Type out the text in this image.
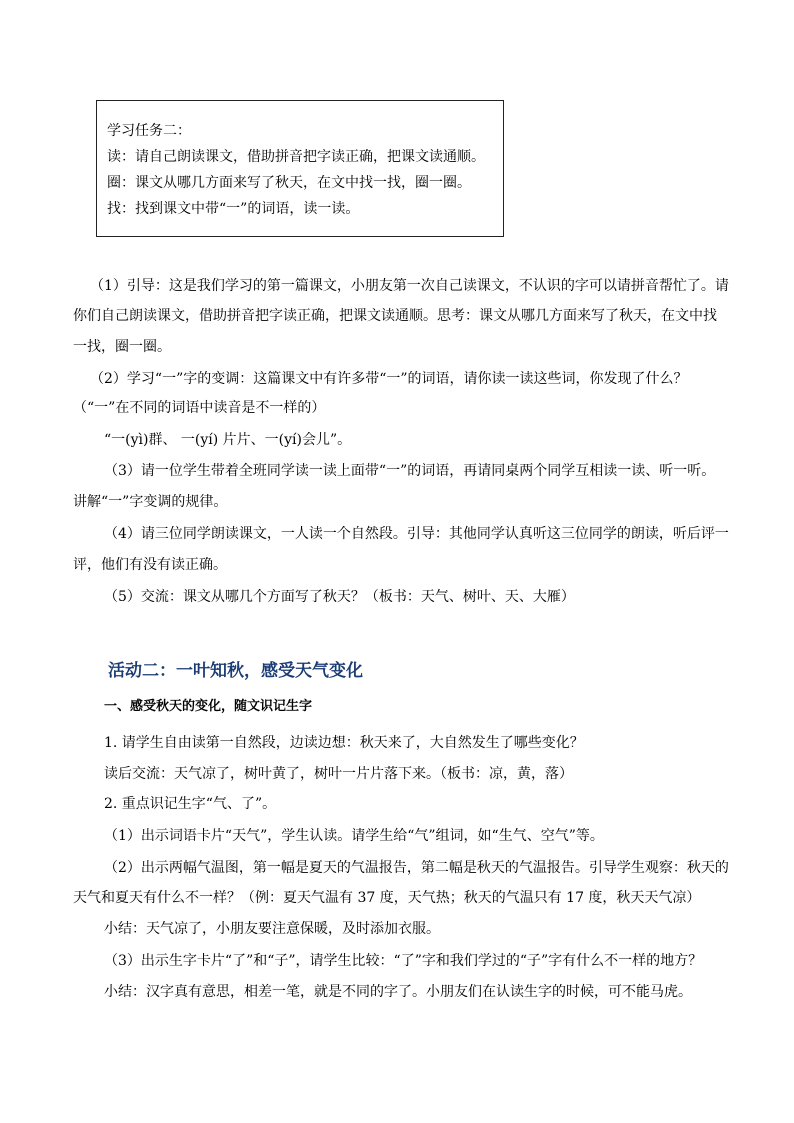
学习任务二：
读：请自己朗读课文，借助拼音把字读正确，把课文读通顺。
圈：课文从哪几方面来写了秋天，在文中找一找，圈一圈。
找：找到课文中带“一”的词语，读一读。
（1）引导：这是我们学习的第一篇课文，小朋友第一次自己读课文，不认识的字可以请拼音帮忙了。请
你们自己朗读课文，借助拼音把字读正确，把课文读通顺。思考：课文从哪几方面来写了秋天，在文中找
一找，圈一圈。
（2）学习“一”字的变调：这篇课文中有许多带“一”的词语，请你读一读这些词，你发现了什么？
（“一”在不同的词语中读音是不一样的）
“一(yì)群、 一(yí) 片片、一(yí)会儿”。
（3）请一位学生带着全班同学读一读上面带“一”的词语，再请同桌两个同学互相读一读、听一听。
讲解“一”字变调的规律。
（4）请三位同学朗读课文，一人读一个自然段。引导：其他同学认真听这三位同学的朗读，听后评一
评，他们有没有读正确。
（5）交流：课文从哪几个方面写了秋天？（板书：天气、树叶、天、大雁）
活动二：一叶知秋，感受天气变化
一、感受秋天的变化，随文识记生字
1. 请学生自由读第一自然段，边读边想：秋天来了，大自然发生了哪些变化？
读后交流：天气凉了，树叶黄了，树叶一片片落下来。（板书：凉，黄，落）
2. 重点识记生字“气、了”。
（1）出示词语卡片“天气”，学生认读。请学生给“气”组词，如“生气、空气”等。
（2）出示两幅气温图，第一幅是夏天的气温报告，第二幅是秋天的气温报告。引导学生观察：秋天的
天气和夏天有什么不一样？（例：夏天气温有 37 度，天气热；秋天的气温只有 17 度，秋天天气凉）
小结：天气凉了，小朋友要注意保暖，及时添加衣服。
（3）出示生字卡片“了”和“子”，请学生比较：“了”字和我们学过的“子”字有什么不一样的地方？
小结：汉字真有意思，相差一笔，就是不同的字了。小朋友们在认读生字的时候，可不能马虎。
